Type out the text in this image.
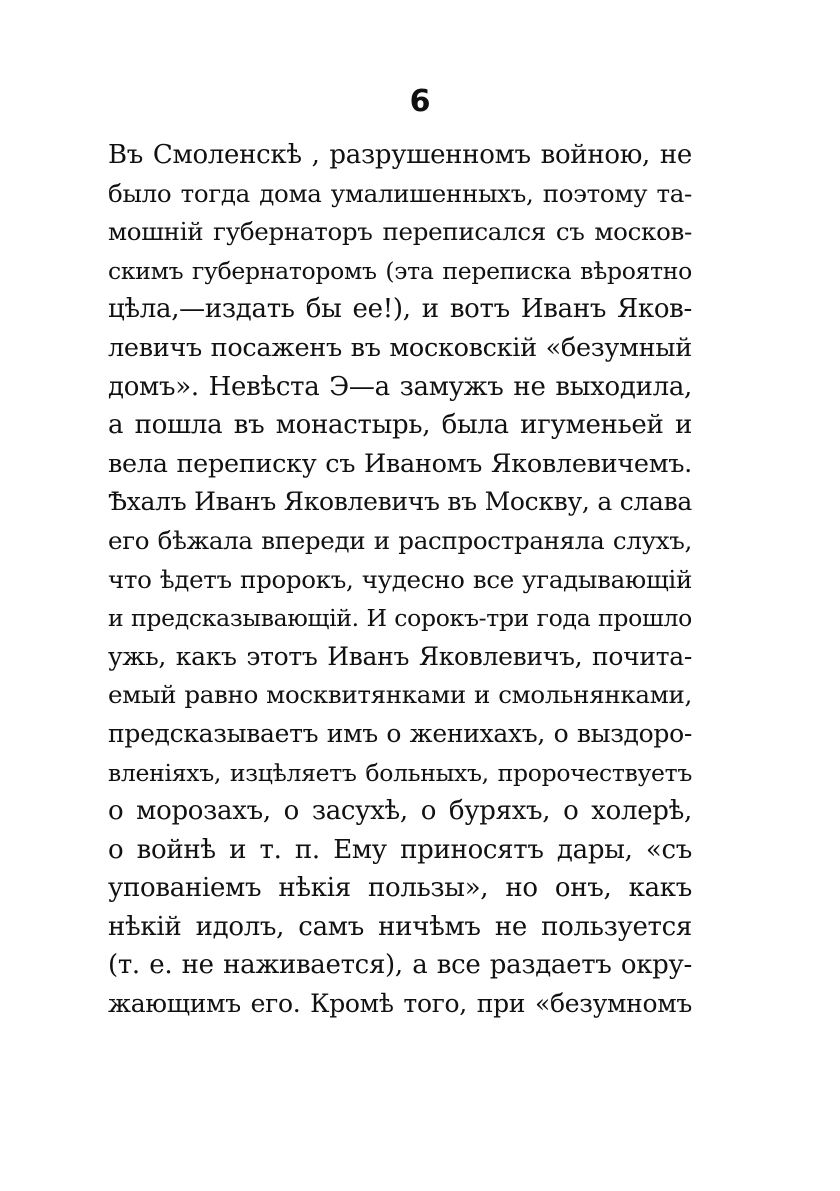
6
Въ Смоленскѣ , разрушенномъ войною, не
было тогда дома умалишенныхъ, поэтому та-
мошній губернаторъ переписался съ москов-
скимъ губернаторомъ (эта переписка вѣроятно
цѣла,—издать бы ее!), и вотъ Иванъ Яков-
левичъ посаженъ въ московскій «безумный
домъ». Невѣста Э—а замужъ не выходила,
а пошла въ монастырь, была игуменьей и
вела переписку съ Иваномъ Яковлевичемъ.
Ѣхалъ Иванъ Яковлевичъ въ Москву, а слава
его бѣжала впереди и распространяла слухъ,
что ѣдетъ пророкъ, чудесно все угадывающій
и предсказывающій. И сорокъ-три года прошло
ужь, какъ этотъ Иванъ Яковлевичъ, почита-
емый равно москвитянками и смольнянками,
предсказываетъ имъ о женихахъ, о выздоро-
вленіяхъ, изцѣляетъ больныхъ, пророчествуетъ
о морозахъ, о засухѣ, о буряхъ, о холерѣ,
о войнѣ и т. п. Ему приносятъ дары, «съ
упованіемъ нѣкія пользы», но онъ, какъ
нѣкій идолъ, самъ ничѣмъ не пользуется
(т. е. не наживается), а все раздаетъ окру-
жающимъ его. Кромѣ того, при «безумномъ
